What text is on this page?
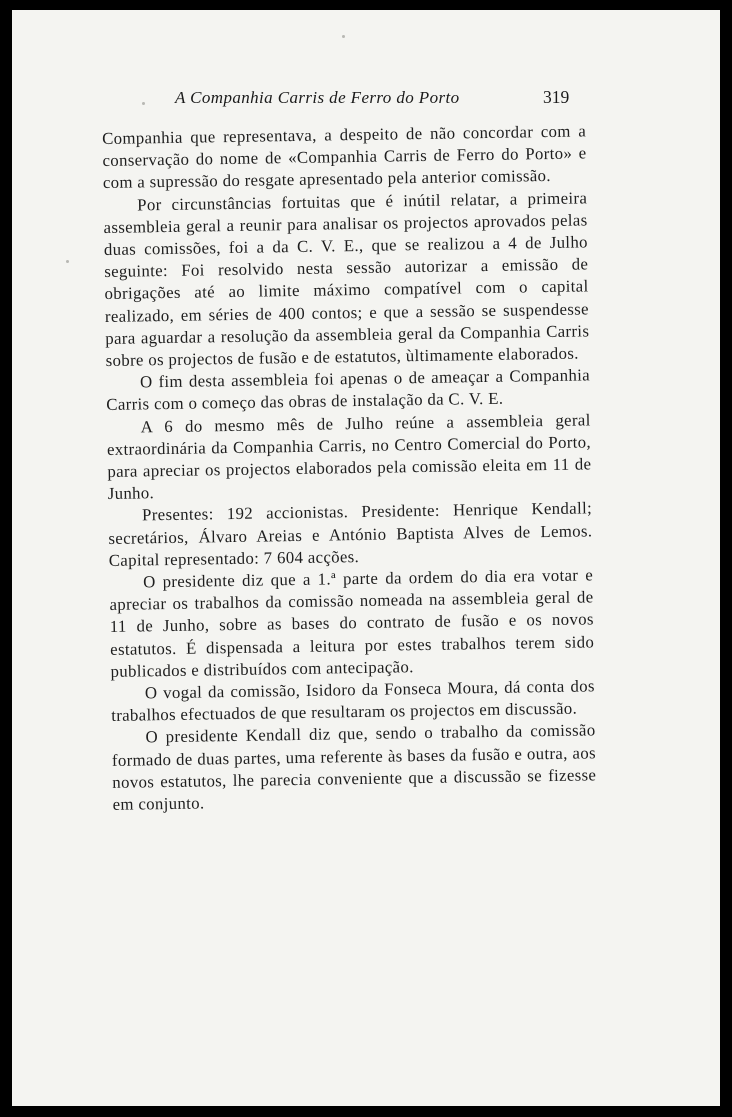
A Companhia Carris de Ferro do Porto	319

Companhia que representava, a despeito de não concordar com a conservação do nome de «Companhia Carris de Ferro do Porto» e com a supressão do resgate apresentado pela anterior comissão.

Por circunstâncias fortuitas que é inútil relatar, a primeira assembleia geral a reunir para analisar os projectos aprovados pelas duas comissões, foi a da C. V. E., que se realizou a 4 de Julho seguinte: Foi resolvido nesta sessão autorizar a emissão de obrigações até ao limite máximo compatível com o capital realizado, em séries de 400 contos; e que a sessão se suspendesse para aguardar a resolução da assembleia geral da Companhia Carris sobre os projectos de fusão e de estatutos, ùltimamente elaborados.

O fim desta assembleia foi apenas o de ameaçar a Companhia Carris com o começo das obras de instalação da C. V. E.

A 6 do mesmo mês de Julho reúne a assembleia geral extraordinária da Companhia Carris, no Centro Comercial do Porto, para apreciar os projectos elaborados pela comissão eleita em 11 de Junho.

Presentes: 192 accionistas. Presidente: Henrique Kendall; secretários, Álvaro Areias e António Baptista Alves de Lemos. Capital representado: 7 604 acções.

O presidente diz que a 1.ª parte da ordem do dia era votar e apreciar os trabalhos da comissão nomeada na assembleia geral de 11 de Junho, sobre as bases do contrato de fusão e os novos estatutos. É dispensada a leitura por estes trabalhos terem sido publicados e distribuídos com antecipação.

O vogal da comissão, Isidoro da Fonseca Moura, dá conta dos trabalhos efectuados de que resultaram os projectos em discussão.

O presidente Kendall diz que, sendo o trabalho da comissão formado de duas partes, uma referente às bases da fusão e outra, aos novos estatutos, lhe parecia conveniente que a discussão se fizesse em conjunto.
